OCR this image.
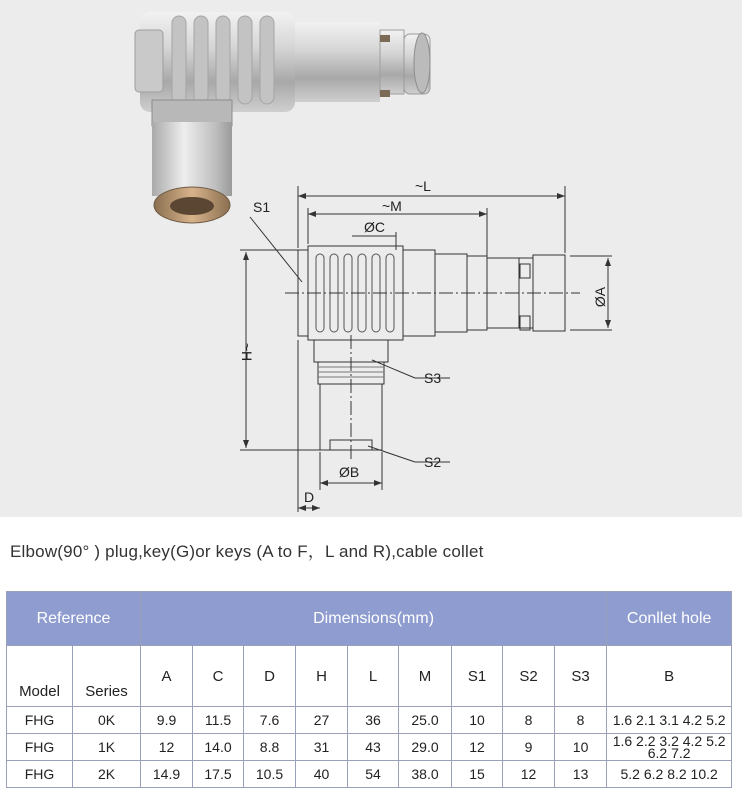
~L
~M
ØC
S1
ØA
~H
S3
S2
ØB
D
Elbow(90° ) plug,key(G)or keys (A to F，L and R),cable collet
Reference		Dimensions(mm)									Conllet hole
Model	Series	A	C	D	H	L	M	S1	S2	S3	B
FHG	0K	9.9	11.5	7.6	27	36	25.0	10	8	8	1.6 2.1 3.1 4.2 5.2
FHG	1K	12	14.0	8.8	31	43	29.0	12	9	10	1.6 2.2 3.2 4.2 5.2 6.2 7.2
FHG	2K	14.9	17.5	10.5	40	54	38.0	15	12	13	5.2 6.2 8.2 10.2
